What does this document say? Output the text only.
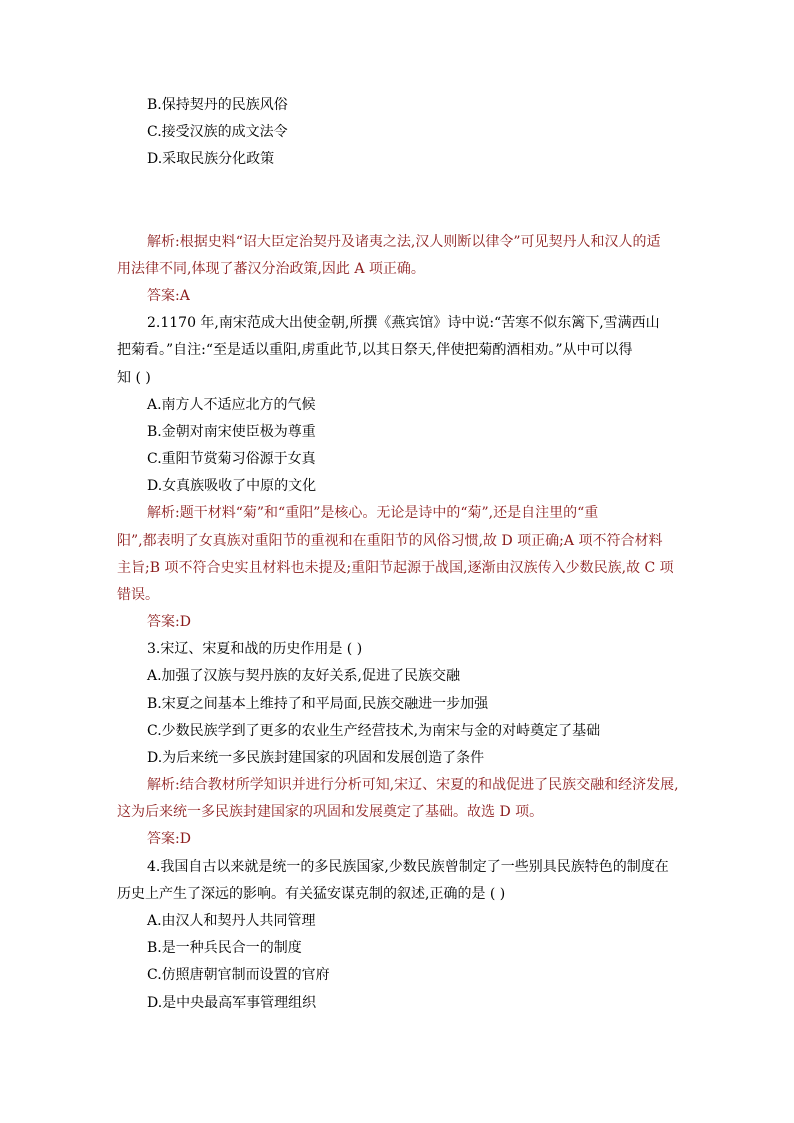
B.保持契丹的民族风俗
C.接受汉族的成文法令
D.采取民族分化政策
解析:根据史料“诏大臣定治契丹及诸夷之法,汉人则断以律令”可见契丹人和汉人的适
用法律不同,体现了蕃汉分治政策,因此 A 项正确。
答案:A
2.1170 年,南宋范成大出使金朝,所撰《燕宾馆》诗中说:“苦寒不似东篱下,雪满西山
把菊看。”自注:“至是适以重阳,虏重此节,以其日祭天,伴使把菊酌酒相劝。”从中可以得
知 ( )
A.南方人不适应北方的气候
B.金朝对南宋使臣极为尊重
C.重阳节赏菊习俗源于女真
D.女真族吸收了中原的文化
解析:题干材料“菊”和“重阳”是核心。无论是诗中的“菊”,还是自注里的“重
阳”,都表明了女真族对重阳节的重视和在重阳节的风俗习惯,故 D 项正确;A 项不符合材料
主旨;B 项不符合史实且材料也未提及;重阳节起源于战国,逐渐由汉族传入少数民族,故 C 项
错误。
答案:D
3.宋辽、宋夏和战的历史作用是 ( )
A.加强了汉族与契丹族的友好关系,促进了民族交融
B.宋夏之间基本上维持了和平局面,民族交融进一步加强
C.少数民族学到了更多的农业生产经营技术,为南宋与金的对峙奠定了基础
D.为后来统一多民族封建国家的巩固和发展创造了条件
解析:结合教材所学知识并进行分析可知,宋辽、宋夏的和战促进了民族交融和经济发展,
这为后来统一多民族封建国家的巩固和发展奠定了基础。故选 D 项。
答案:D
4.我国自古以来就是统一的多民族国家,少数民族曾制定了一些别具民族特色的制度在
历史上产生了深远的影响。有关猛安谋克制的叙述,正确的是 ( )
A.由汉人和契丹人共同管理
B.是一种兵民合一的制度
C.仿照唐朝官制而设置的官府
D.是中央最高军事管理组织
